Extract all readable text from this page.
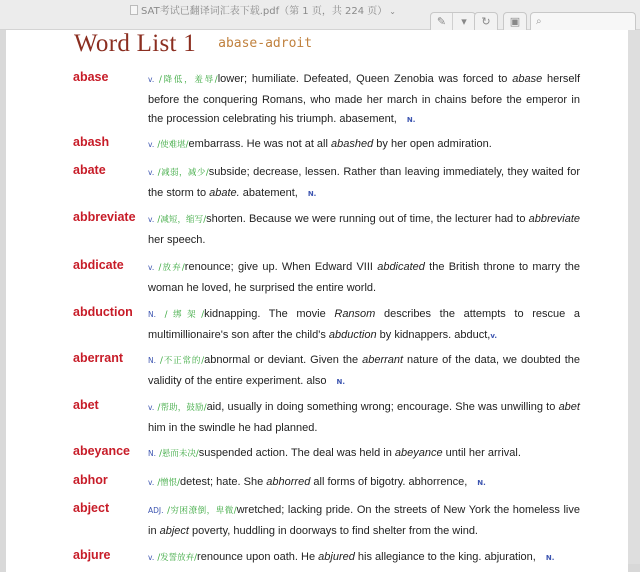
SAT考试已翻译词汇表下载.pdf（第 1 页，共 224 页） ⌄
✎	▾	↻	▣	⌕
Word List 1 $^{abase-adroit}$
abase	v. /降低，羞辱/lower; humiliate. Defeated, Queen Zenobia was forced to abase herself before the conquering Romans, who made her march in chains before the emperor in the procession celebrating his triumph. abasement, N.
abash	v. /使难堪/embarrass. He was not at all abashed by her open admiration.
abate	v. /减弱，减少/subside; decrease, lessen. Rather than leaving immediately, they waited for the storm to abate. abatement, N.
abbreviate v. /减短，缩写/shorten. Because we were running out of time, the lecturer had to abbreviate her speech.
abdicate	v. /放弃/renounce; give up. When Edward VIII abdicated the British throne to marry the woman he loved, he surprised the entire world.
abduction N. /绑架/kidnapping. The movie Ransom describes the attempts to rescue a multimillionaire's son after the child's abduction by kidnappers. abduct,v.
aberrant	N. /不正常的/abnormal or deviant. Given the aberrant nature of the data, we doubted the validity of the entire experiment. also N.
abet	v. /帮助，鼓励/aid, usually in doing something wrong; encourage. She was unwilling to abet him in the swindle he had planned.
abeyance N. /悬而未决/suspended action. The deal was held in abeyance until her arrival.
abhor	v. /憎恨/detest; hate. She abhorred all forms of bigotry. abhorrence, N.
abject	ADJ. /穷困潦倒，卑微/wretched; lacking pride. On the streets of New York the homeless live in abject poverty, huddling in doorways to find shelter from the wind.
abjure	v. /发誓放弃/renounce upon oath. He abjured his allegiance to the king. abjuration, N.
